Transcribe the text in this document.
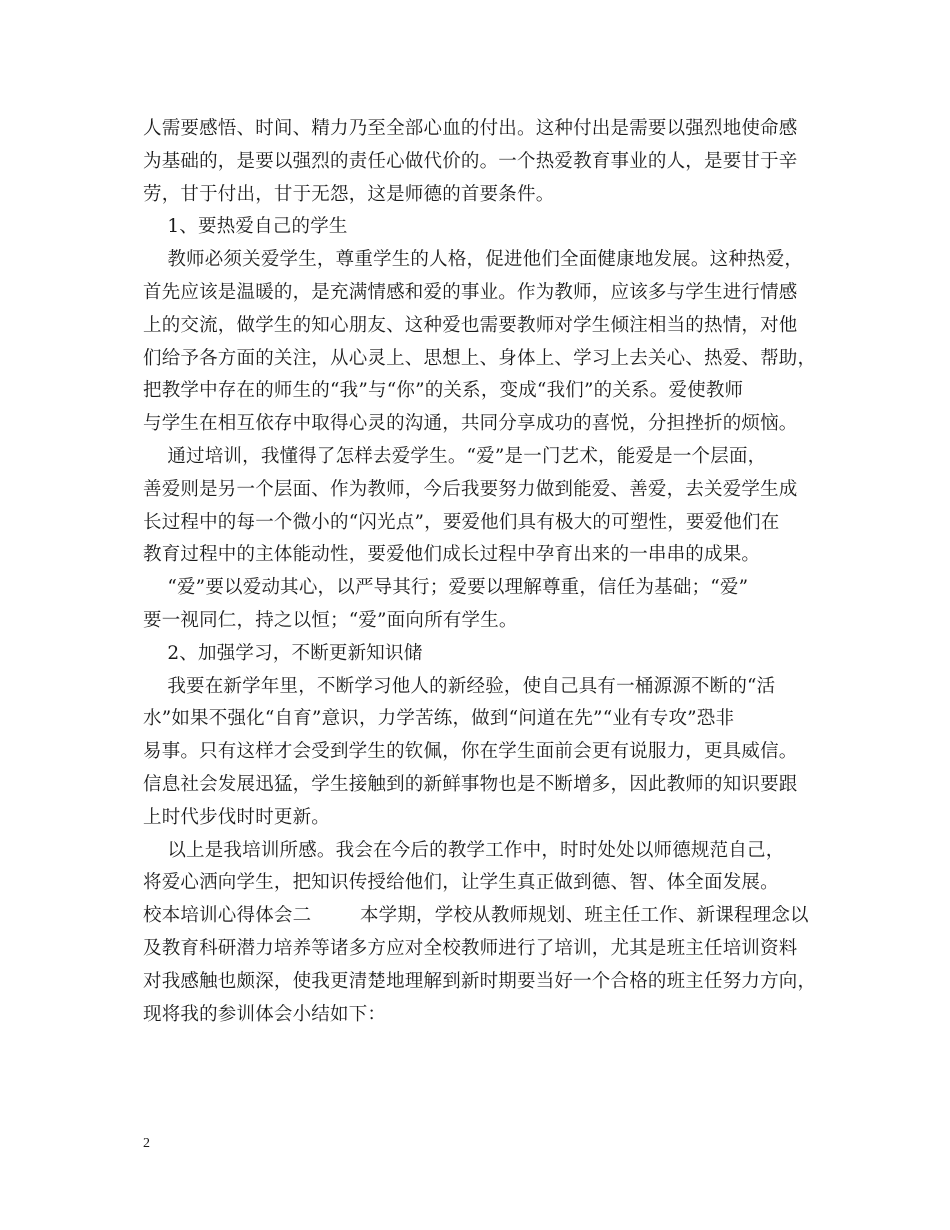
人需要感悟、时间、精力乃至全部心血的付出。这种付出是需要以强烈地使命感
为基础的，是要以强烈的责任心做代价的。一个热爱教育事业的人，是要甘于辛
劳，甘于付出，甘于无怨，这是师德的首要条件。
1、要热爱自己的学生
教师必须关爱学生，尊重学生的人格，促进他们全面健康地发展。这种热爱，
首先应该是温暖的，是充满情感和爱的事业。作为教师，应该多与学生进行情感
上的交流，做学生的知心朋友、这种爱也需要教师对学生倾注相当的热情，对他
们给予各方面的关注，从心灵上、思想上、身体上、学习上去关心、热爱、帮助，
把教学中存在的师生的“我”与“你”的关系，变成“我们”的关系。爱使教师
与学生在相互依存中取得心灵的沟通，共同分享成功的喜悦，分担挫折的烦恼。
通过培训，我懂得了怎样去爱学生。“爱”是一门艺术，能爱是一个层面，
善爱则是另一个层面、作为教师，今后我要努力做到能爱、善爱，去关爱学生成
长过程中的每一个微小的“闪光点”，要爱他们具有极大的可塑性，要爱他们在
教育过程中的主体能动性，要爱他们成长过程中孕育出来的一串串的成果。
“爱”要以爱动其心，以严导其行；爱要以理解尊重，信任为基础；“爱”
要一视同仁，持之以恒；“爱”面向所有学生。
2、加强学习，不断更新知识储
我要在新学年里，不断学习他人的新经验，使自己具有一桶源源不断的“活
水”如果不强化“自育”意识，力学苦练，做到“问道在先”“业有专攻”恐非
易事。只有这样才会受到学生的钦佩，你在学生面前会更有说服力，更具威信。
信息社会发展迅猛，学生接触到的新鲜事物也是不断增多，因此教师的知识要跟
上时代步伐时时更新。
以上是我培训所感。我会在今后的教学工作中，时时处处以师德规范自己，
将爱心洒向学生，把知识传授给他们，让学生真正做到德、智、体全面发展。
校本培训心得体会二        本学期，学校从教师规划、班主任工作、新课程理念以
及教育科研潜力培养等诸多方应对全校教师进行了培训，尤其是班主任培训资料
对我感触也颇深，使我更清楚地理解到新时期要当好一个合格的班主任努力方向，
现将我的参训体会小结如下：
2
